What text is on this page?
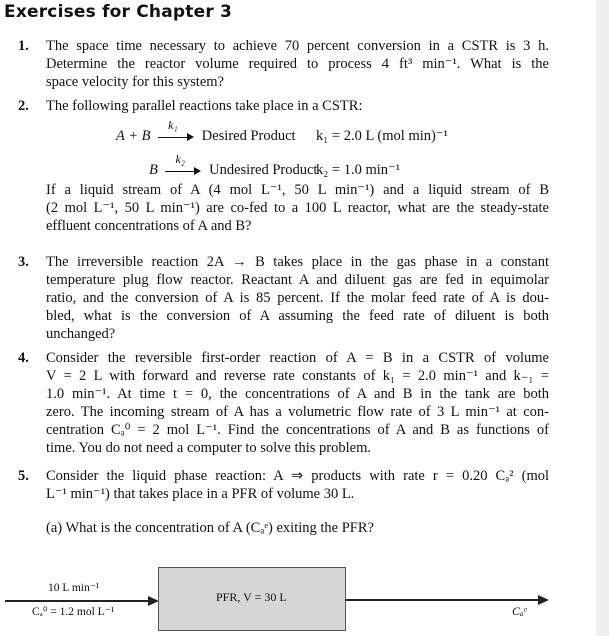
Exercises for Chapter 3
1. The space time necessary to achieve 70 percent conversion in a CSTR is 3 h.
Determine the reactor volume required to process 4 ft³ min⁻¹. What is the
space velocity for this system?
2. The following parallel reactions take place in a CSTR:
A + B
k₁
Desired Product k₁ = 2.0 L (mol min)⁻¹
B
k₂
Undesired Product
k₂ = 1.0 min⁻¹
If a liquid stream of A (4 mol L⁻¹, 50 L min⁻¹) and a liquid stream of B
(2 mol L⁻¹, 50 L min⁻¹) are co-fed to a 100 L reactor, what are the steady-state
effluent concentrations of A and B?
3. The irreversible reaction 2A → B takes place in the gas phase in a constant
temperature plug flow reactor. Reactant A and diluent gas are fed in equimolar
ratio, and the conversion of A is 85 percent. If the molar feed rate of A is dou-
bled, what is the conversion of A assuming the feed rate of diluent is both
unchanged?
4. Consider the reversible first-order reaction of A = B in a CSTR of volume
V = 2 L with forward and reverse rate constants of k₁ = 2.0 min⁻¹ and k₋₁ =
1.0 min⁻¹. At time t = 0, the concentrations of A and B in the tank are both
zero. The incoming stream of A has a volumetric flow rate of 3 L min⁻¹ at con-
centration Cₐ⁰ = 2 mol L⁻¹. Find the concentrations of A and B as functions of
time. You do not need a computer to solve this problem.
5. Consider the liquid phase reaction: A ⇒ products with rate r = 0.20 Cₐ² (mol
L⁻¹ min⁻¹) that takes place in a PFR of volume 30 L.
(a) What is the concentration of A (Cₐᵉ) exiting the PFR?
10 L min⁻¹
Cₐ⁰ = 1.2 mol L⁻¹
PFR, V = 30 L
Cₐᵉ
